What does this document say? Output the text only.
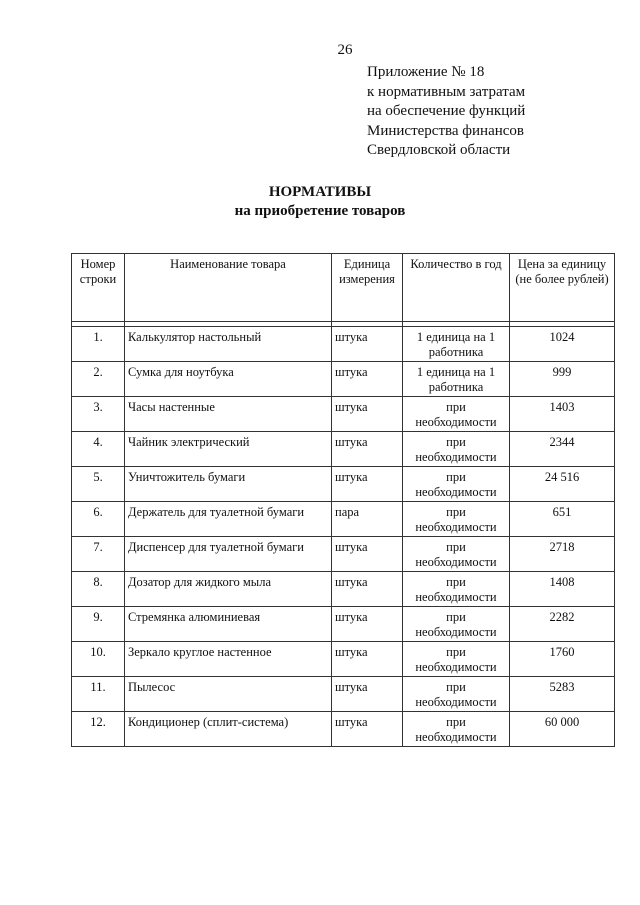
26
Приложение № 18
к нормативным затратам
на обеспечение функций
Министерства финансов
Свердловской области
НОРМАТИВЫ
на приобретение товаров
Номер строки	Наименование товара	Единица измерения	Количество в год	Цена за единицу (не более рублей)

1.	Калькулятор настольный	штука	1 единица на 1 работника	1024
2.	Сумка для ноутбука	штука	1 единица на 1 работника	999
3.	Часы настенные	штука	при необходимости	1403
4.	Чайник электрический	штука	при необходимости	2344
5.	Уничтожитель бумаги	штука	при необходимости	24 516
6.	Держатель для туалетной бумаги	пара	при необходимости	651
7.	Диспенсер для туалетной бумаги	штука	при необходимости	2718
8.	Дозатор для жидкого мыла	штука	при необходимости	1408
9.	Стремянка алюминиевая	штука	при необходимости	2282
10.	Зеркало круглое настенное	штука	при необходимости	1760
11.	Пылесос	штука	при необходимости	5283
12.	Кондиционер (сплит-система)	штука	при необходимости	60 000
